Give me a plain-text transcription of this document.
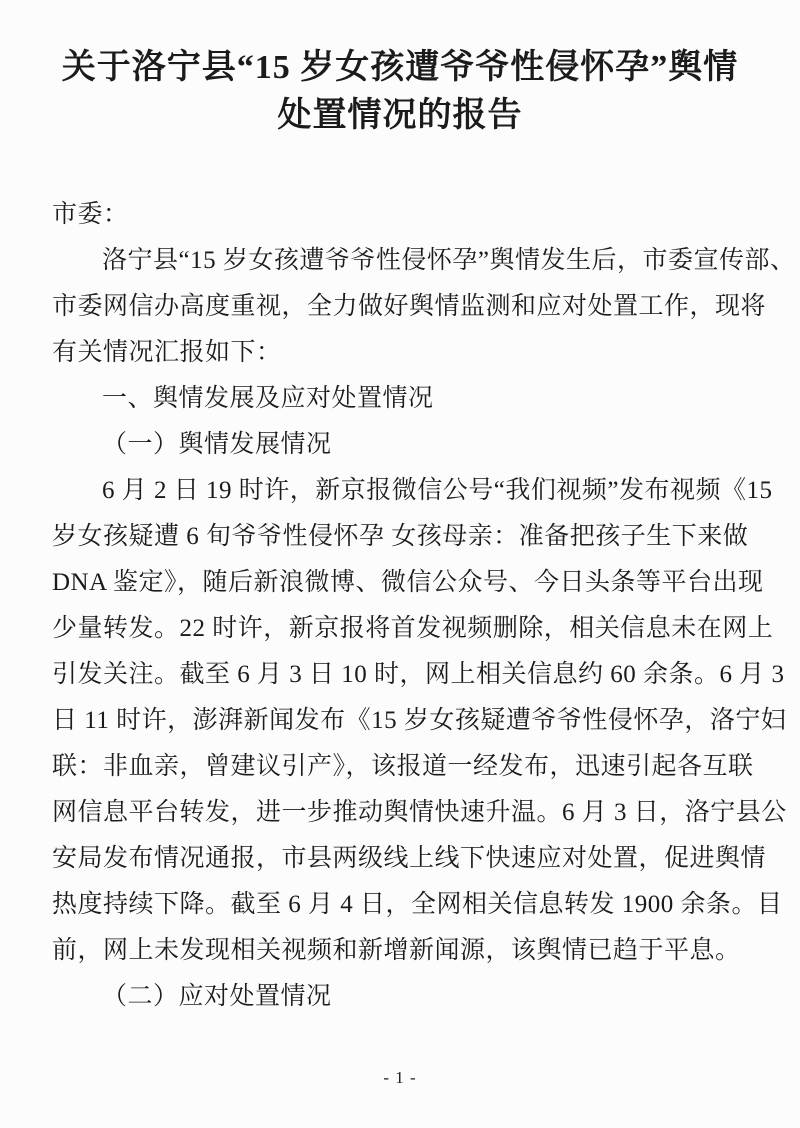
关于洛宁县“15 岁女孩遭爷爷性侵怀孕”舆情
处置情况的报告
市委：
洛宁县“15 岁女孩遭爷爷性侵怀孕”舆情发生后，市委宣传部、
市委网信办高度重视，全力做好舆情监测和应对处置工作，现将
有关情况汇报如下：
一、舆情发展及应对处置情况
（一）舆情发展情况
6 月 2 日 19 时许，新京报微信公号“我们视频”发布视频《15
岁女孩疑遭 6 旬爷爷性侵怀孕 女孩母亲：准备把孩子生下来做
DNA 鉴定》，随后新浪微博、微信公众号、今日头条等平台出现
少量转发。22 时许，新京报将首发视频删除，相关信息未在网上
引发关注。截至 6 月 3 日 10 时，网上相关信息约 60 余条。6 月 3
日 11 时许，澎湃新闻发布《15 岁女孩疑遭爷爷性侵怀孕，洛宁妇
联：非血亲，曾建议引产》，该报道一经发布，迅速引起各互联
网信息平台转发，进一步推动舆情快速升温。6 月 3 日，洛宁县公
安局发布情况通报，市县两级线上线下快速应对处置，促进舆情
热度持续下降。截至 6 月 4 日，全网相关信息转发 1900 余条。目
前，网上未发现相关视频和新增新闻源，该舆情已趋于平息。
（二）应对处置情况
- 1 -
